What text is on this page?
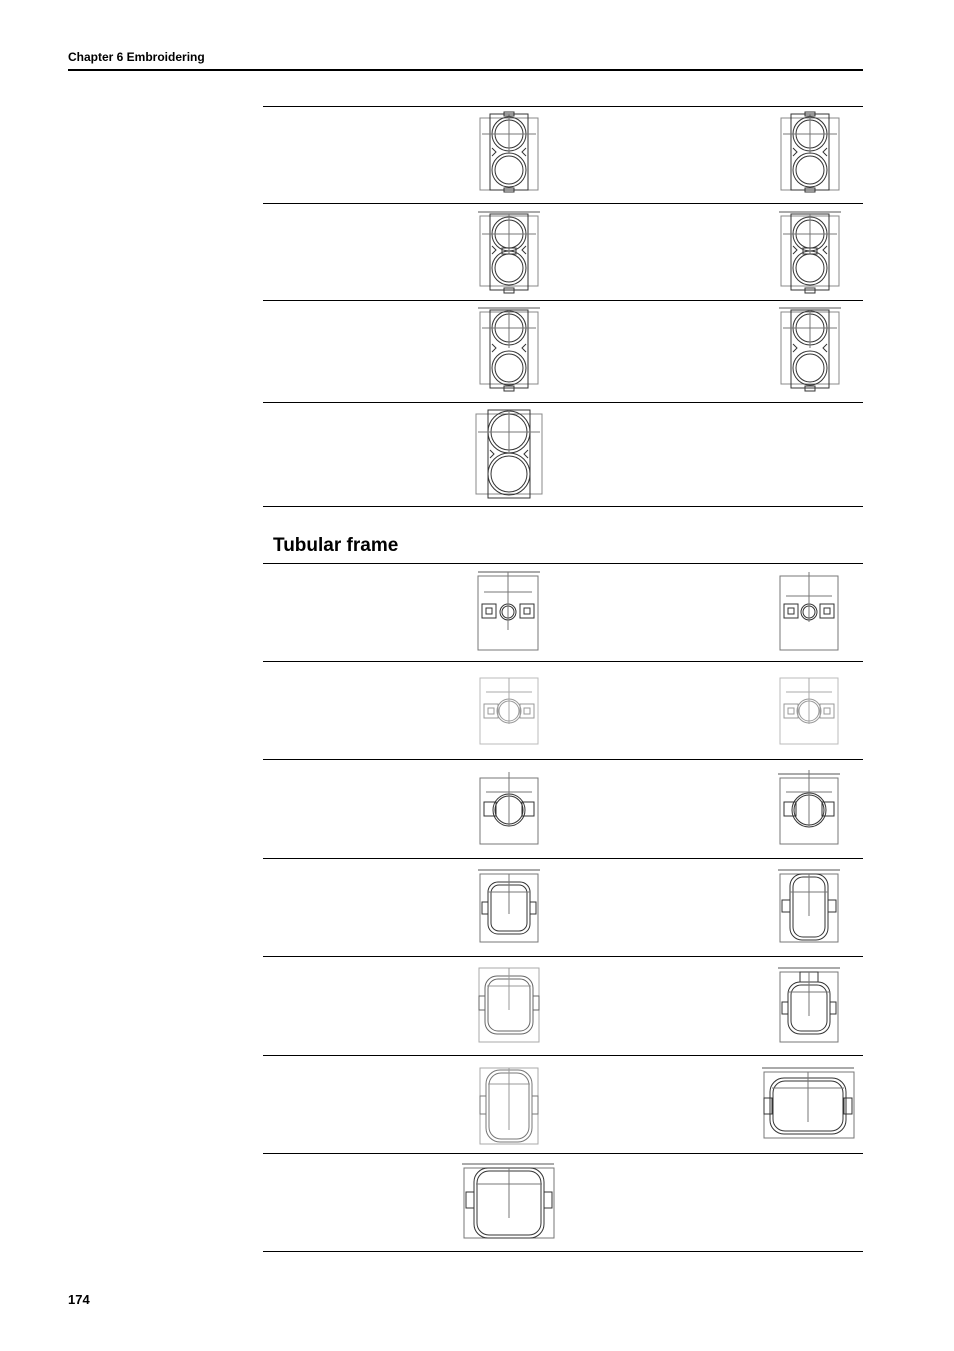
Chapter 6 Embroidering
Tubular frame
174
